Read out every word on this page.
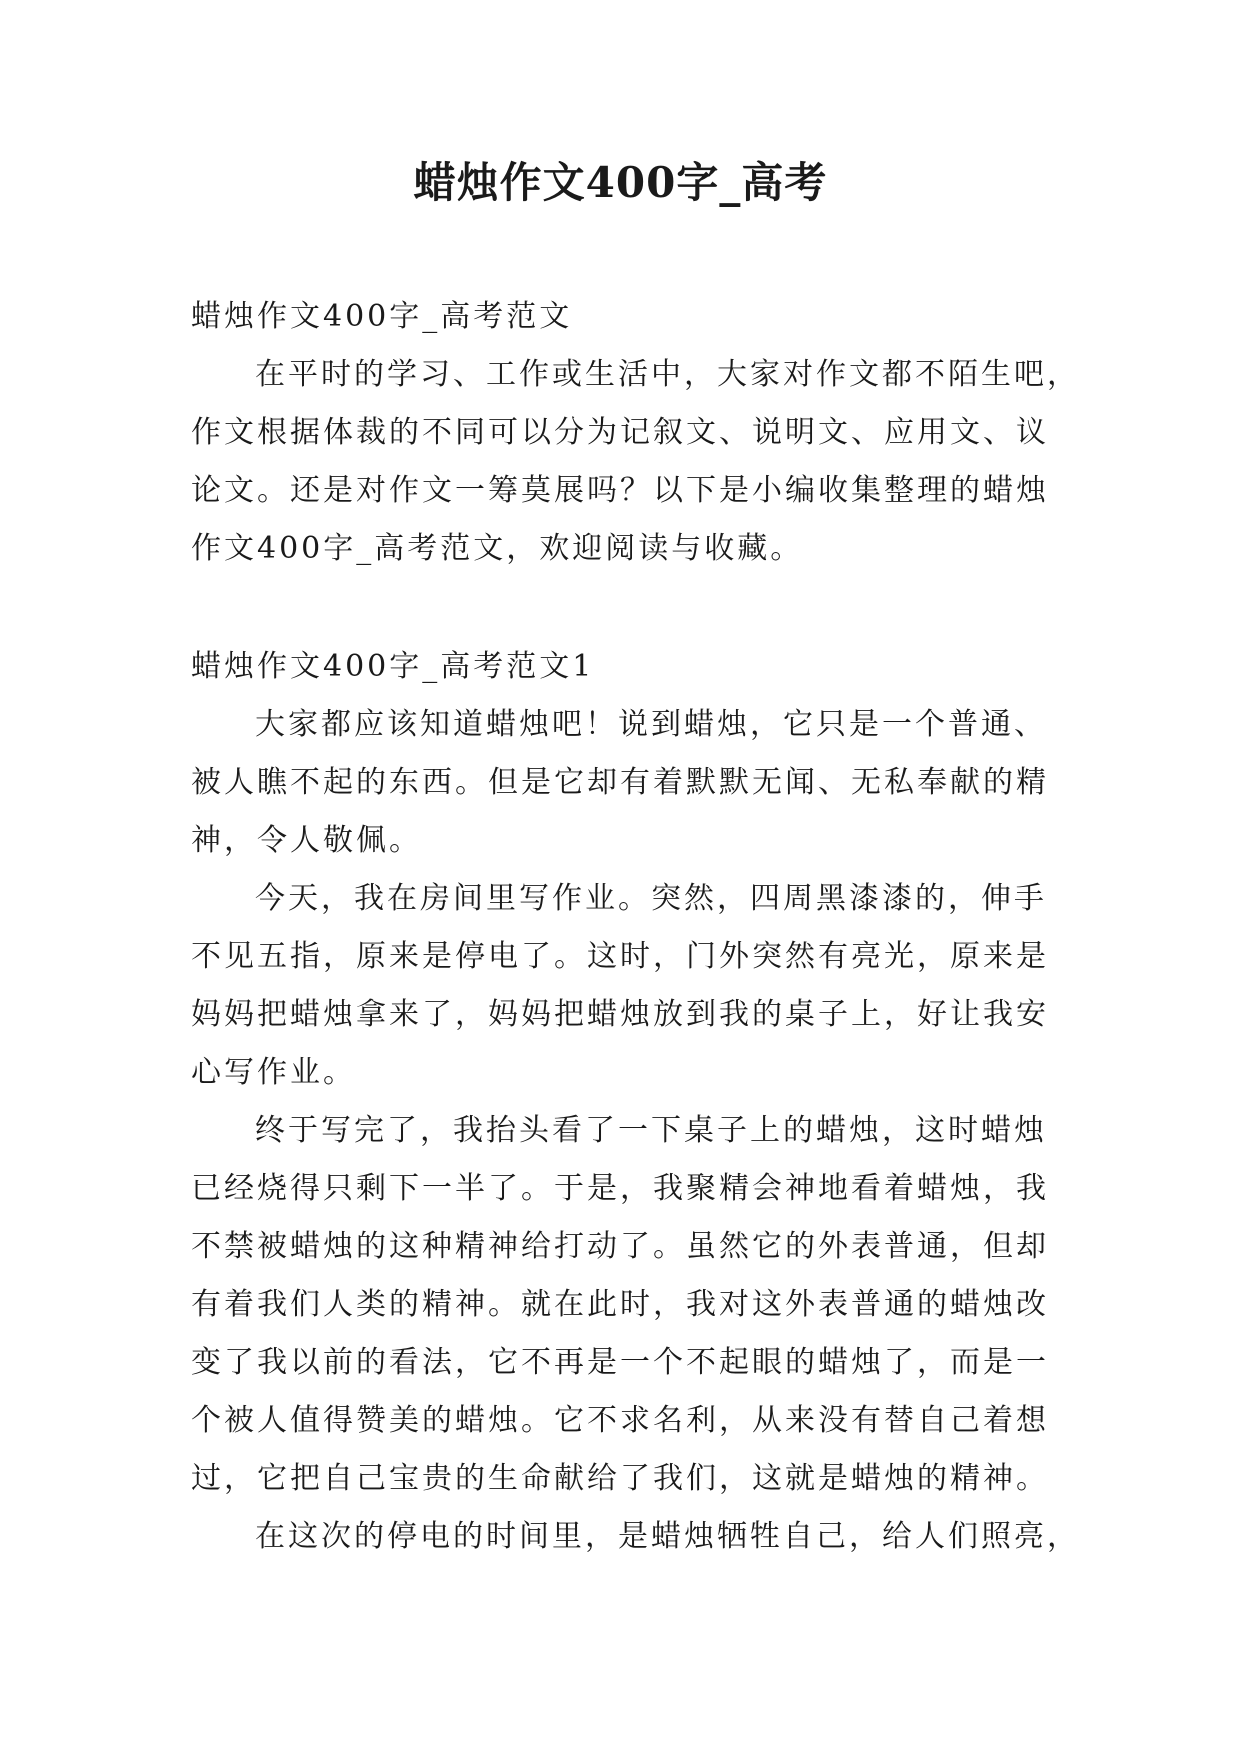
蜡烛作文400字_高考
蜡烛作文400字_高考范文
在平时的学习、工作或生活中，大家对作文都不陌生吧，
作文根据体裁的不同可以分为记叙文、说明文、应用文、议
论文。还是对作文一筹莫展吗？以下是小编收集整理的蜡烛
作文400字_高考范文，欢迎阅读与收藏。
蜡烛作文400字_高考范文1
大家都应该知道蜡烛吧！说到蜡烛，它只是一个普通、
被人瞧不起的东西。但是它却有着默默无闻、无私奉献的精
神，令人敬佩。
今天，我在房间里写作业。突然，四周黑漆漆的，伸手
不见五指，原来是停电了。这时，门外突然有亮光，原来是
妈妈把蜡烛拿来了，妈妈把蜡烛放到我的桌子上，好让我安
心写作业。
终于写完了，我抬头看了一下桌子上的蜡烛，这时蜡烛
已经烧得只剩下一半了。于是，我聚精会神地看着蜡烛，我
不禁被蜡烛的这种精神给打动了。虽然它的外表普通，但却
有着我们人类的精神。就在此时，我对这外表普通的蜡烛改
变了我以前的看法，它不再是一个不起眼的蜡烛了，而是一
个被人值得赞美的蜡烛。它不求名利，从来没有替自己着想
过，它把自己宝贵的生命献给了我们，这就是蜡烛的精神。
在这次的停电的时间里，是蜡烛牺牲自己，给人们照亮，
